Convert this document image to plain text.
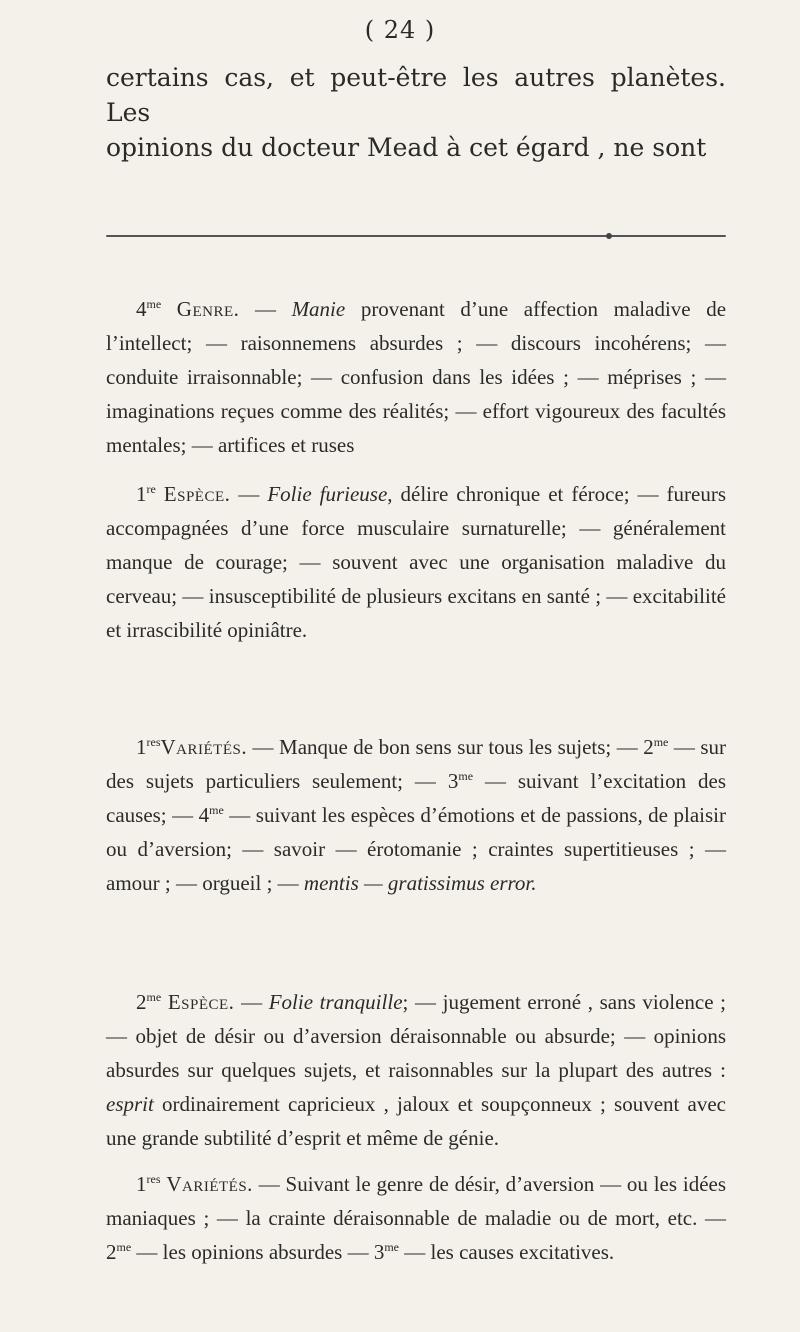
( 24 )
certains cas, et peut-être les autres planètes. Les
opinions du docteur Mead à cet égard , ne sont

$4^{me}$ Genre. — Manie provenant d’une affection maladive de l’intellect; — raisonnemens absurdes ; — discours incohérens; — conduite irraisonnable; — confusion dans les idées ; — méprises ; — imaginations reçues comme des réalités; — effort vigoureux des facultés mentales; — artifices et ruses

1re Espèce. — Folie furieuse, délire chronique et féroce; — fureurs accompagnées d’une force musculaire surnaturelle; — généralement manque de courage; — souvent avec une organisation maladive du cerveau; — insusceptibilité de plusieurs excitans en santé ; — excitabilité et irrascibilité opiniâtre.

1resVariétés. — Manque de bon sens sur tous les sujets; — $2^{me}$ — sur des sujets particuliers seulement; — $3^{me}$ — suivant l’excitation des causes; — $4^{me}$ — suivant les espèces d’émotions et de passions, de plaisir ou d’aversion; — savoir — érotomanie ; craintes supertitieuses ; — amour ; — orgueil ; — mentis — gratissimus error.

$2^{me}$ Espèce. — Folie tranquille; — jugement erroné , sans violence ; — objet de désir ou d’aversion déraisonnable ou absurde; — opinions absurdes sur quelques sujets, et raisonnables sur la plupart des autres : esprit ordinairement capricieux , jaloux et soupçonneux ; souvent avec une grande subtilité d’esprit et même de génie.

1res Variétés. — Suivant le genre de désir, d’aversion — ou les idées maniaques ; — la crainte déraisonnable de maladie ou de mort, etc. — $2^{me}$ — les opinions absurdes — $3^{me}$ — les causes excitatives.
